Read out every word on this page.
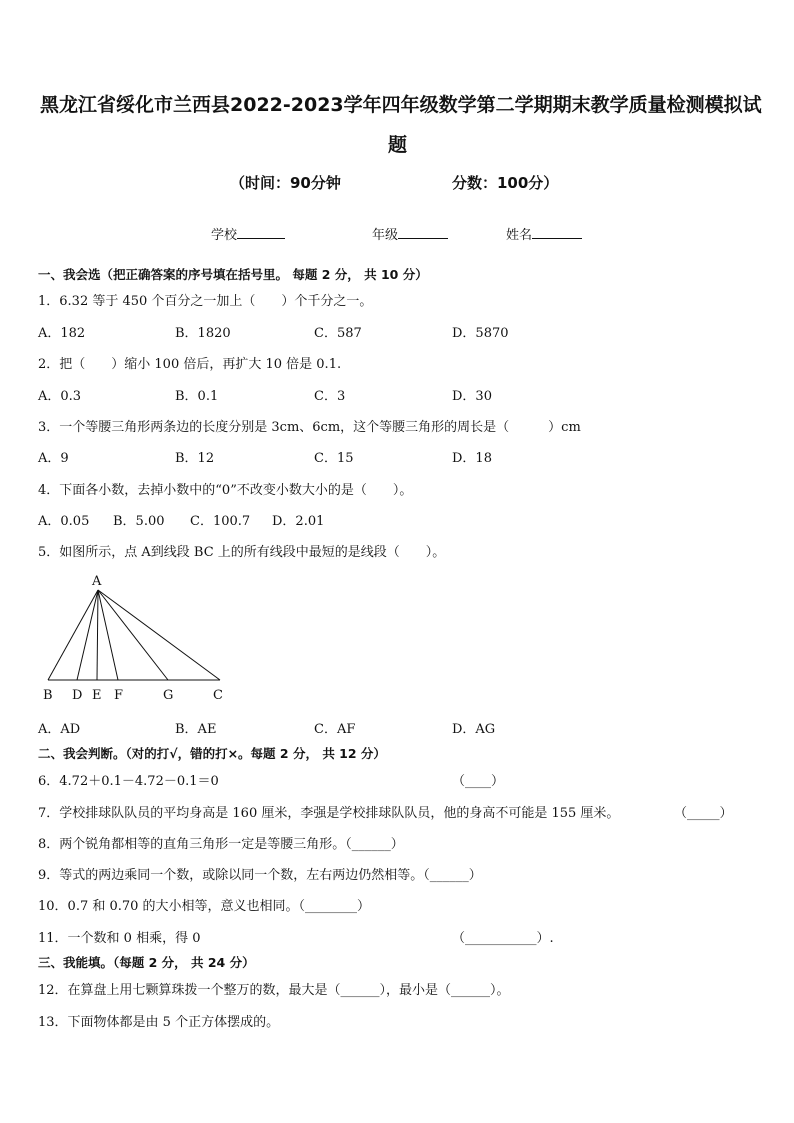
黑龙江省绥化市兰西县2022-2023学年四年级数学第二学期期末教学质量检测模拟试
题
（时间：90分钟	分数：100分）
学校	年级	姓名
一、我会选（把正确答案的序号填在括号里。 每题 2 分， 共 10 分）
1．6.32 等于 450 个百分之一加上（　　）个千分之一。
A．182	B．1820	C．587	D．5870
2．把（　　）缩小 100 倍后，再扩大 10 倍是 0.1.
A．0.3	B．0.1	C．3	D．30
3．一个等腰三角形两条边的长度分别是 3cm、6cm，这个等腰三角形的周长是（　　　）cm
A．9	B．12	C．15	D．18
4．下面各小数，去掉小数中的“0”不改变小数大小的是（　　）。
A．0.05 B．5.00 C．100.7 D．2.01
5．如图所示，点 A到线段 BC 上的所有线段中最短的是线段（　　）。
A
B D E F	G	C
A．AD	B．AE	C．AF	D．AG
二、我会判断。（对的打√，错的打×。每题 2 分， 共 12 分）
6．4.72＋0.1－4.72－0.1＝0	（____）
7．学校排球队队员的平均身高是 160 厘米，李强是学校排球队队员，他的身高不可能是 155 厘米。	（_____）
8．两个锐角都相等的直角三角形一定是等腰三角形。（______）
9．等式的两边乘同一个数，或除以同一个数，左右两边仍然相等。（______）
10．0.7 和 0.70 的大小相等，意义也相同。（________）
11．一个数和 0 相乘，得 0	（___________）.
三、我能填。（每题 2 分， 共 24 分）
12．在算盘上用七颗算珠拨一个整万的数，最大是（______），最小是（______）。
13．下面物体都是由 5 个正方体摆成的。
